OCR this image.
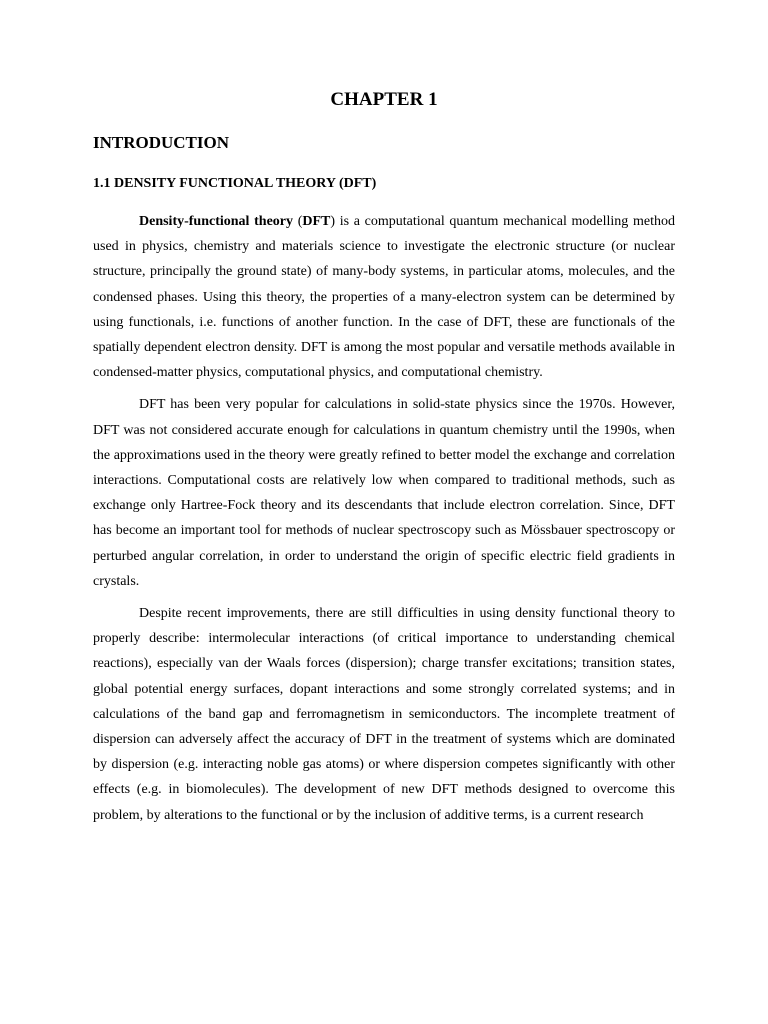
CHAPTER 1
INTRODUCTION
1.1 DENSITY FUNCTIONAL THEORY (DFT)

Density-functional theory (DFT) is a computational quantum mechanical modelling method used in physics, chemistry and materials science to investigate the electronic structure (or nuclear structure, principally the ground state) of many-body systems, in particular atoms, molecules, and the condensed phases. Using this theory, the properties of a many-electron system can be determined by using functionals, i.e. functions of another function. In the case of DFT, these are functionals of the spatially dependent electron density. DFT is among the most popular and versatile methods available in condensed-matter physics, computational physics, and computational chemistry.

DFT has been very popular for calculations in solid-state physics since the 1970s. However, DFT was not considered accurate enough for calculations in quantum chemistry until the 1990s, when the approximations used in the theory were greatly refined to better model the exchange and correlation interactions. Computational costs are relatively low when compared to traditional methods, such as exchange only Hartree-Fock theory and its descendants that include electron correlation. Since, DFT has become an important tool for methods of nuclear spectroscopy such as Mössbauer spectroscopy or perturbed angular correlation, in order to understand the origin of specific electric field gradients in crystals.

Despite recent improvements, there are still difficulties in using density functional theory to properly describe: intermolecular interactions (of critical importance to understanding chemical reactions), especially van der Waals forces (dispersion); charge transfer excitations; transition states, global potential energy surfaces, dopant interactions and some strongly correlated systems; and in calculations of the band gap and ferromagnetism in semiconductors. The incomplete treatment of dispersion can adversely affect the accuracy of DFT in the treatment of systems which are dominated by dispersion (e.g. interacting noble gas atoms) or where dispersion competes significantly with other effects (e.g. in biomolecules). The development of new DFT methods designed to overcome this problem, by alterations to the functional or by the inclusion of additive terms, is a current research
